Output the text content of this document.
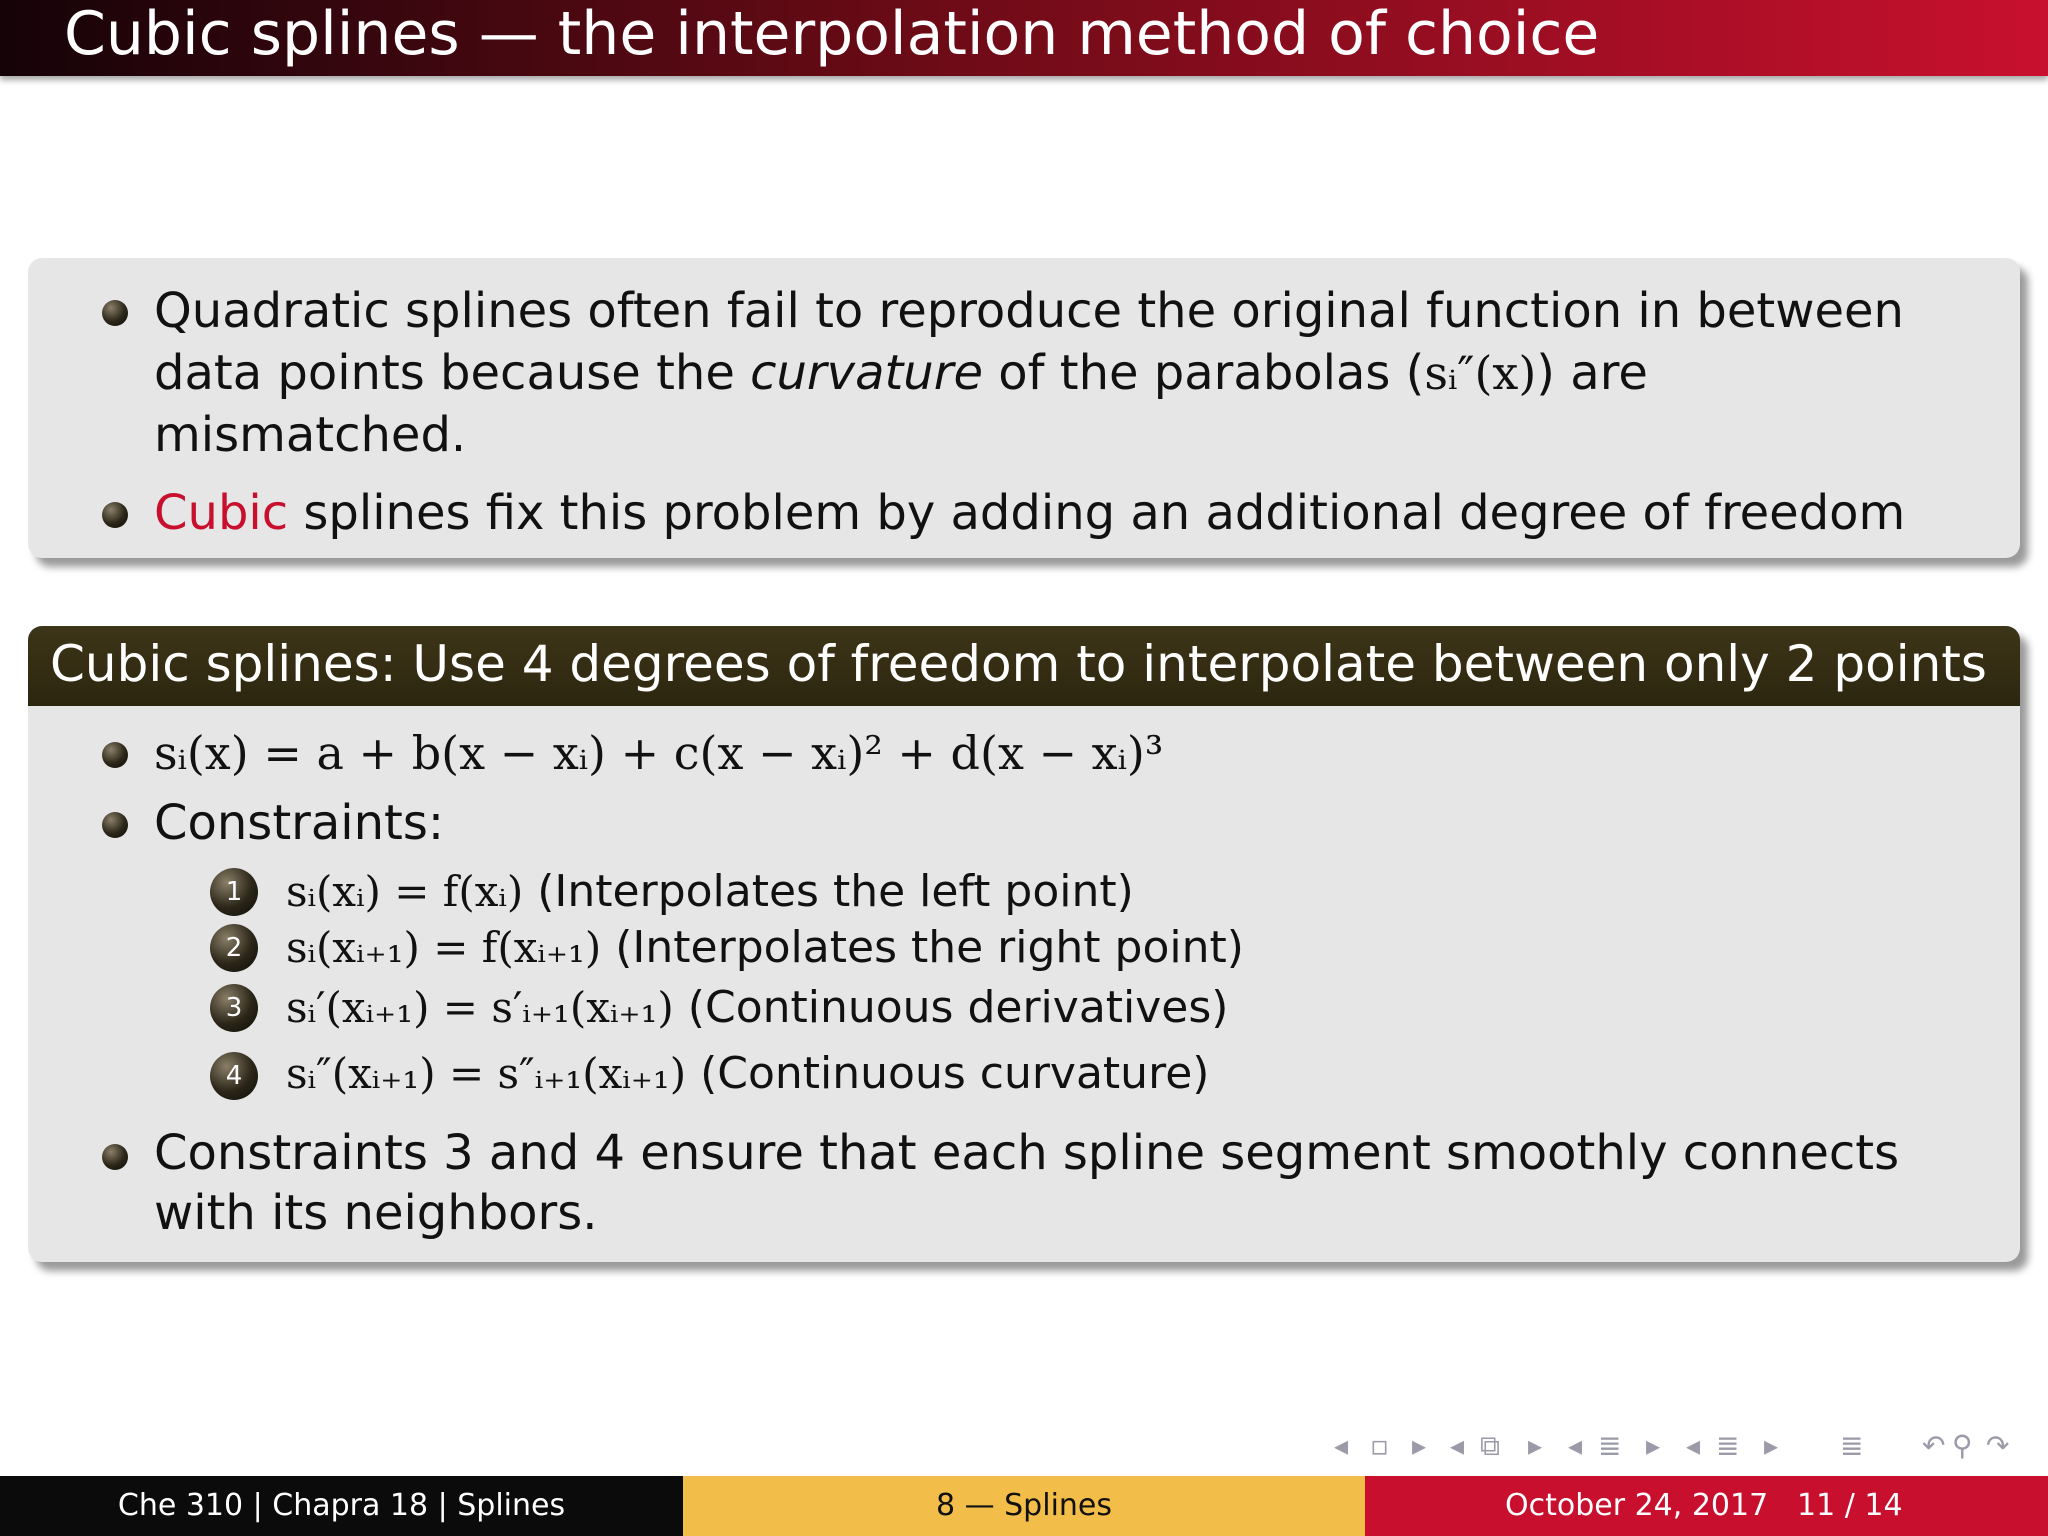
Cubic splines — the interpolation method of choice
Quadratic splines often fail to reproduce the original function in between
data points because the curvature of the parabolas (sᵢ″(x)) are
mismatched.
Cubic splines fix this problem by adding an additional degree of freedom
Cubic splines: Use 4 degrees of freedom to interpolate between only 2 points
sᵢ(x) = a + b(x − xᵢ) + c(x − xᵢ)² + d(x − xᵢ)³
Constraints:
1	sᵢ(xᵢ) = f(xᵢ) (Interpolates the left point)
2	sᵢ(xᵢ₊₁) = f(xᵢ₊₁) (Interpolates the right point)
3	sᵢ′(xᵢ₊₁) = s′ᵢ₊₁(xᵢ₊₁) (Continuous derivatives)
4	sᵢ″(xᵢ₊₁) = s″ᵢ₊₁(xᵢ₊₁) (Continuous curvature)
Constraints 3 and 4 ensure that each spline segment smoothly connects
with its neighbors.
◂ ▫ ▸ ◂ ⧉ ▸ ◂ ≣ ▸ ◂ ≣ ▸ ≣ ↶ ⚲ ↷
Che 310 | Chapra 18 | Splines	8 — Splines	October 24, 2017 11 / 14
